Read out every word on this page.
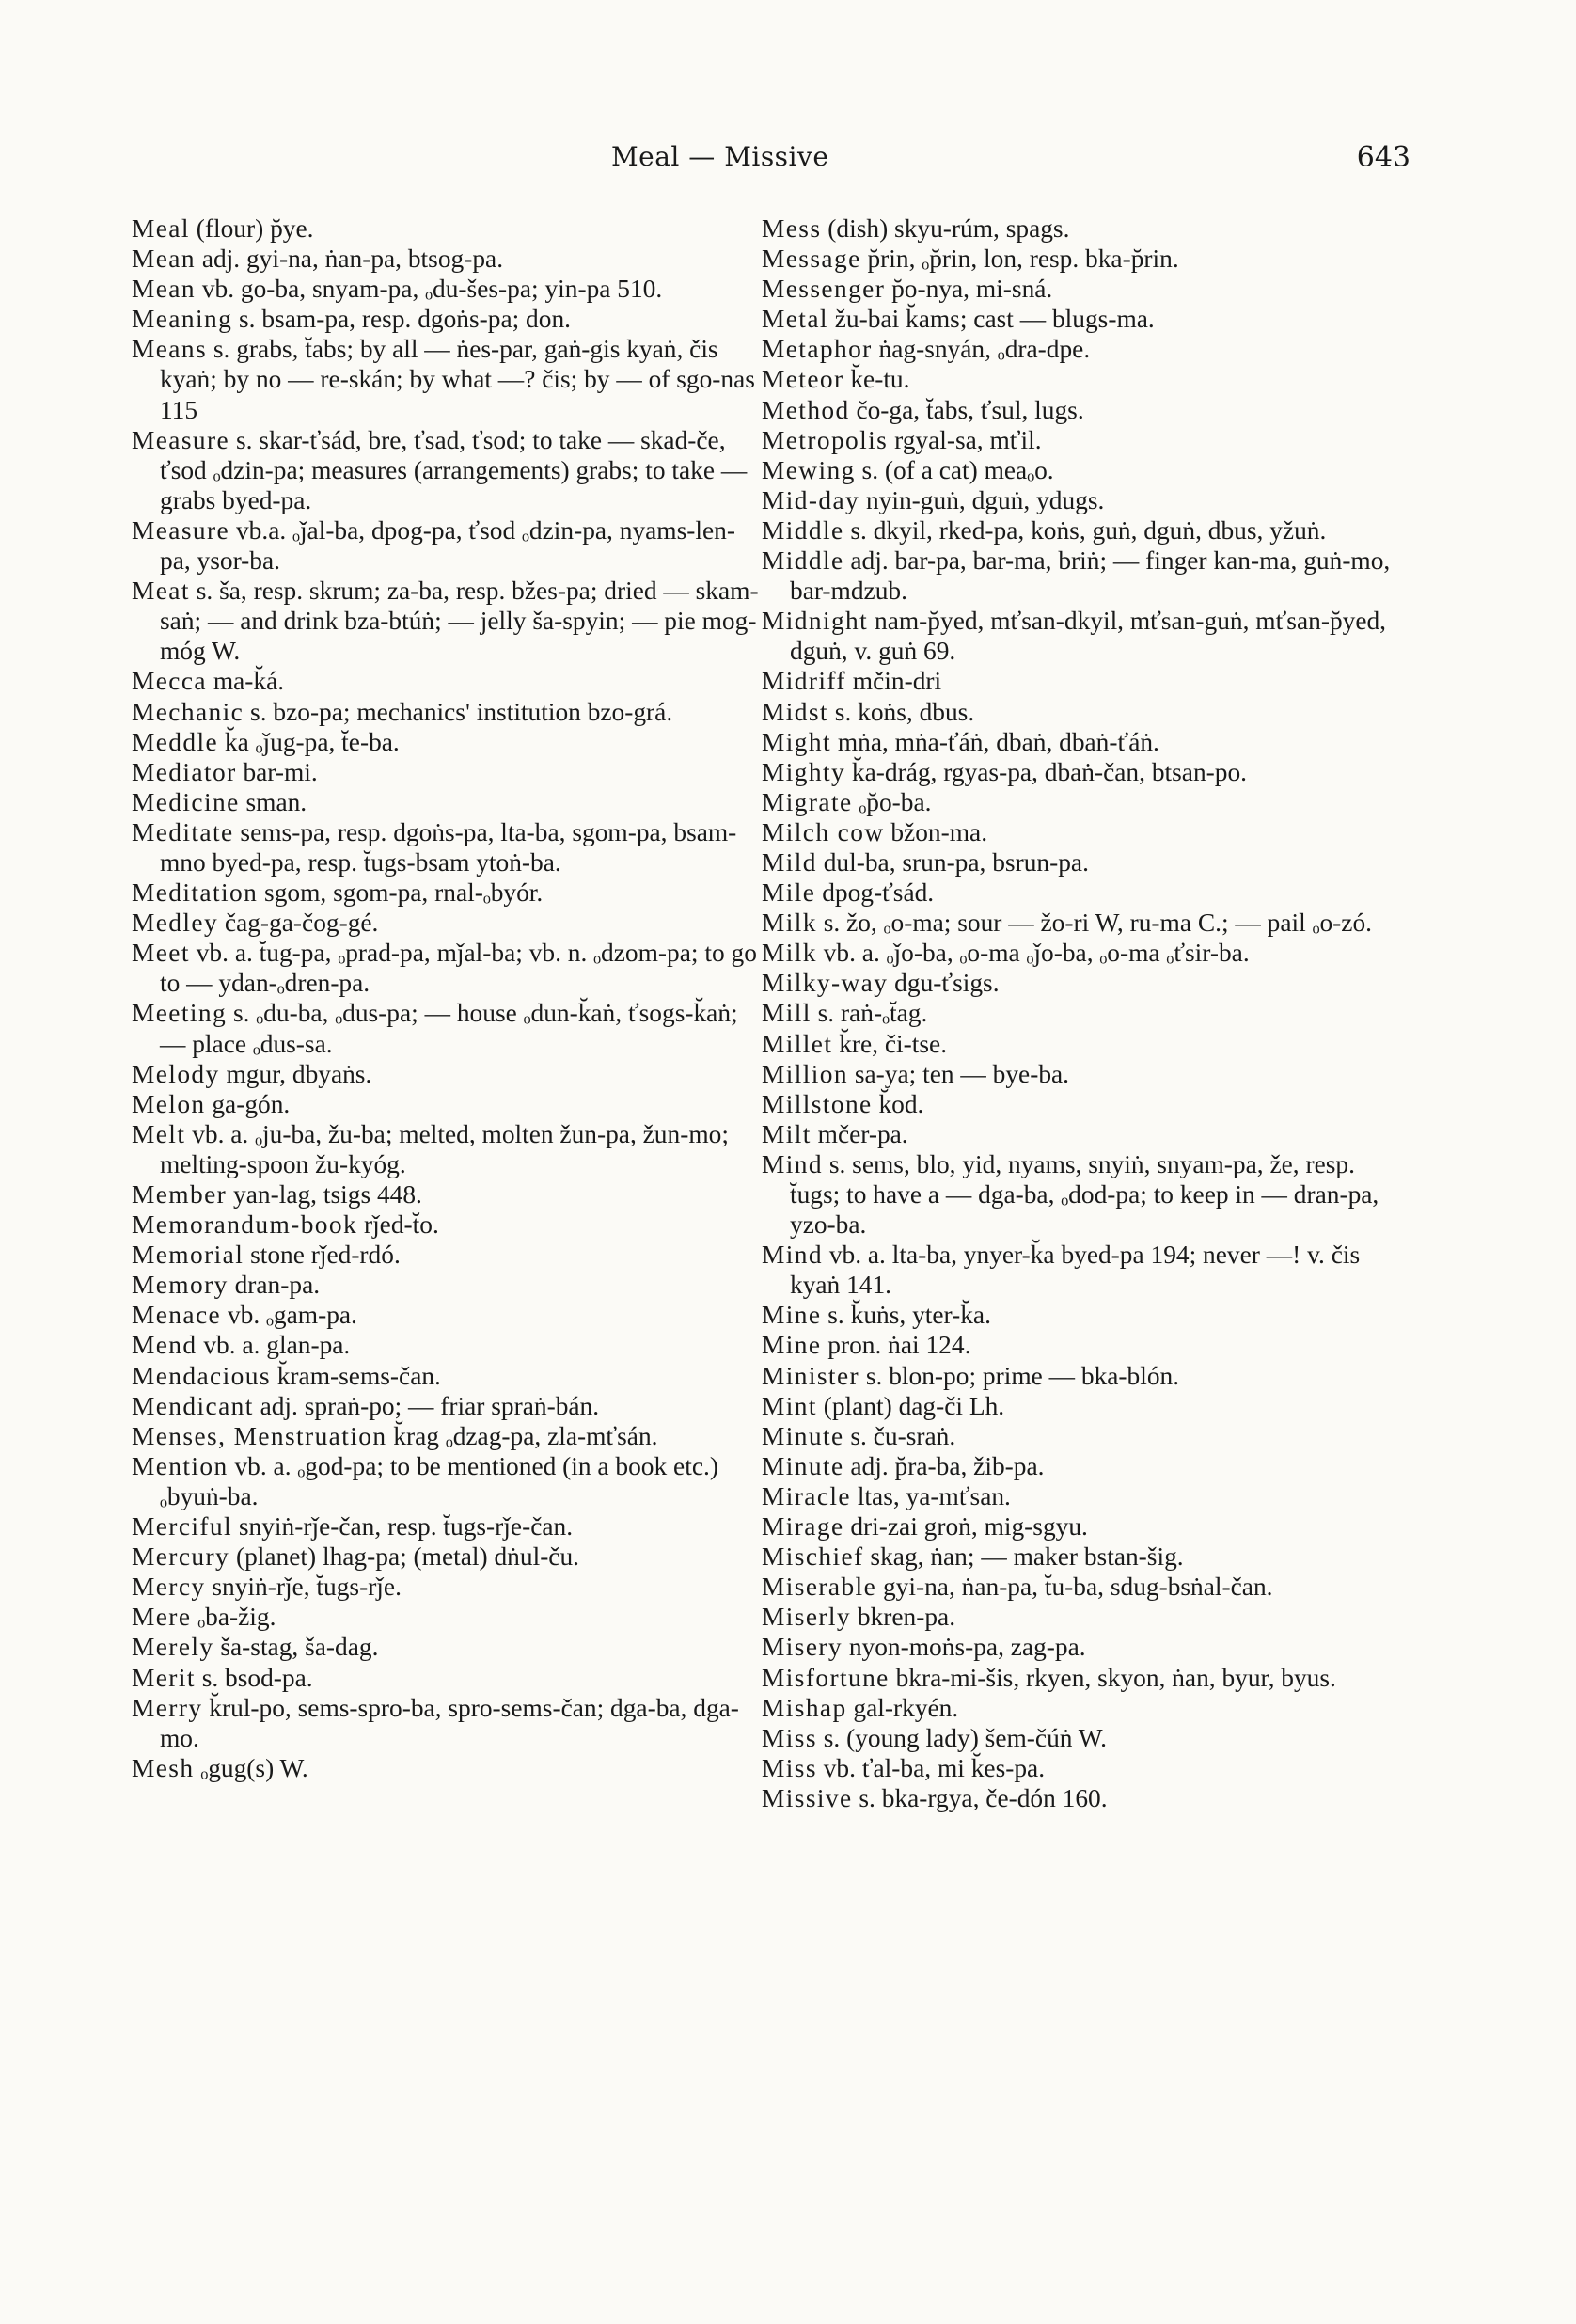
Meal — Missive	643

Meal (flour) p̆ye.

Mean adj. gyi-na, ṅan-pa, btsog-pa.

Mean vb. go-ba, snyam-pa, ₒdu-šes-pa; yin-pa 510.

Meaning s. bsam-pa, resp. dgoṅs-pa; don.

Means s. grabs, t̆abs; by all — ṅes-par, gaṅ-gis kyaṅ, čis kyaṅ; by no — re-skán; by what —? čis; by — of sgo-nas 115

Measure s. skar-ťsád, bre, ťsad, ťsod; to take — skad-če, ťsod ₒdzin-pa; measures (arrangements) grabs; to take — grabs byed-pa.

Measure vb.a. ₒǰal-ba, dpog-pa, ťsod ₒdzin-pa, nyams-len-pa, ysor-ba.

Meat s. ša, resp. skrum; za-ba, resp. bžes-pa; dried — skam-saṅ; — and drink bza-btúṅ; — jelly ša-spyin; — pie mog-móg W.

Mecca ma-k̆á.

Mechanic s. bzo-pa; mechanics' institution bzo-grá.

Meddle k̆a ₒǰug-pa, t̆e-ba.

Mediator bar-mi.

Medicine sman.

Meditate sems-pa, resp. dgoṅs-pa, lta-ba, sgom-pa, bsam-mno byed-pa, resp. t̆ugs-bsam ytoṅ-ba.

Meditation sgom, sgom-pa, rnal-ₒbyór.

Medley čag-ga-čog-gé.

Meet vb. a. t̆ug-pa, ₒprad-pa, mǰal-ba; vb. n. ₒdzom-pa; to go to — ydan-ₒdren-pa.

Meeting s. ₒdu-ba, ₒdus-pa; — house ₒdun-k̆aṅ, ťsogs-k̆aṅ; — place ₒdus-sa.

Melody mgur, dbyaṅs.

Melon ga-gón.

Melt vb. a. ₒju-ba, žu-ba; melted, molten žun-pa, žun-mo; melting-spoon žu-kyóg.

Member yan-lag, tsigs 448.

Memorandum-book rǰed-t̆o.

Memorial stone rǰed-rdó.

Memory dran-pa.

Menace vb. ₒgam-pa.

Mend vb. a. glan-pa.

Mendacious k̆ram-sems-čan.

Mendicant adj. spraṅ-po; — friar spraṅ-bán.

Menses, Menstruation k̆rag ₒdzag-pa, zla-mťsán.

Mention vb. a. ₒgod-pa; to be mentioned (in a book etc.) ₒbyuṅ-ba.

Merciful snyiṅ-rǰe-čan, resp. t̆ugs-rǰe-čan.

Mercury (planet) lhag-pa; (metal) dṅul-ču.

Mercy snyiṅ-rǰe, t̆ugs-rǰe.

Mere ₒba-žig.

Merely ša-stag, ša-dag.

Merit s. bsod-pa.

Merry k̆rul-po, sems-spro-ba, spro-sems-čan; dga-ba, dga-mo.

Mesh ₒgug(s) W.

Mess (dish) skyu-rúm, spags.

Message p̆rin, ₒp̆rin, lon, resp. bka-p̆rin.

Messenger p̆o-nya, mi-sná.

Metal žu-bai k̆ams; cast — blugs-ma.

Metaphor ṅag-snyán, ₒdra-dpe.

Meteor k̆e-tu.

Method čo-ga, t̆abs, ťsul, lugs.

Metropolis rgyal-sa, mťil.

Mewing s. (of a cat) meaₒo.

Mid-day nyin-guṅ, dguṅ, ydugs.

Middle s. dkyil, rked-pa, koṅs, guṅ, dguṅ, dbus, yžuṅ.

Middle adj. bar-pa, bar-ma, briṅ; — finger kan-ma, guṅ-mo, bar-mdzub.

Midnight nam-p̆yed, mťsan-dkyil, mťsan-guṅ, mťsan-p̆yed, dguṅ, v. guṅ 69.

Midriff mčin-dri

Midst s. koṅs, dbus.

Might mṅa, mṅa-ťáṅ, dbaṅ, dbaṅ-ťáṅ.

Mighty k̆a-drág, rgyas-pa, dbaṅ-čan, btsan-po.

Migrate ₒp̆o-ba.

Milch cow bžon-ma.

Mild dul-ba, srun-pa, bsrun-pa.

Mile dpog-ťsád.

Milk s. žo, ₒo-ma; sour — žo-ri W, ru-ma C.; — pail ₒo-zó.

Milk vb. a. ₒǰo-ba, ₒo-ma ₒǰo-ba, ₒo-ma ₒťsir-ba.

Milky-way dgu-ťsigs.

Mill s. raṅ-ₒt̆ag.

Millet k̆re, či-tse.

Million sa-ya; ten — bye-ba.

Millstone k̆od.

Milt mčer-pa.

Mind s. sems, blo, yid, nyams, snyiṅ, snyam-pa, že, resp. t̆ugs; to have a — dga-ba, ₒdod-pa; to keep in — dran-pa, yzo-ba.

Mind vb. a. lta-ba, ynyer-k̆a byed-pa 194; never —! v. čis kyaṅ 141.

Mine s. k̆uṅs, yter-k̆a.

Mine pron. ṅai 124.

Minister s. blon-po; prime — bka-blón.

Mint (plant) dag-či Lh.

Minute s. ču-sraṅ.

Minute adj. p̆ra-ba, žib-pa.

Miracle ltas, ya-mťsan.

Mirage dri-zai groṅ, mig-sgyu.

Mischief skag, ṅan; — maker bstan-šig.

Miserable gyi-na, ṅan-pa, t̆u-ba, sdug-bsṅal-čan.

Miserly bkren-pa.

Misery nyon-moṅs-pa, zag-pa.

Misfortune bkra-mi-šis, rkyen, skyon, ṅan, byur, byus.

Mishap gal-rkyén.

Miss s. (young lady) šem-čúṅ W.

Miss vb. ťal-ba, mi k̆es-pa.

Missive s. bka-rgya, če-dón 160.
